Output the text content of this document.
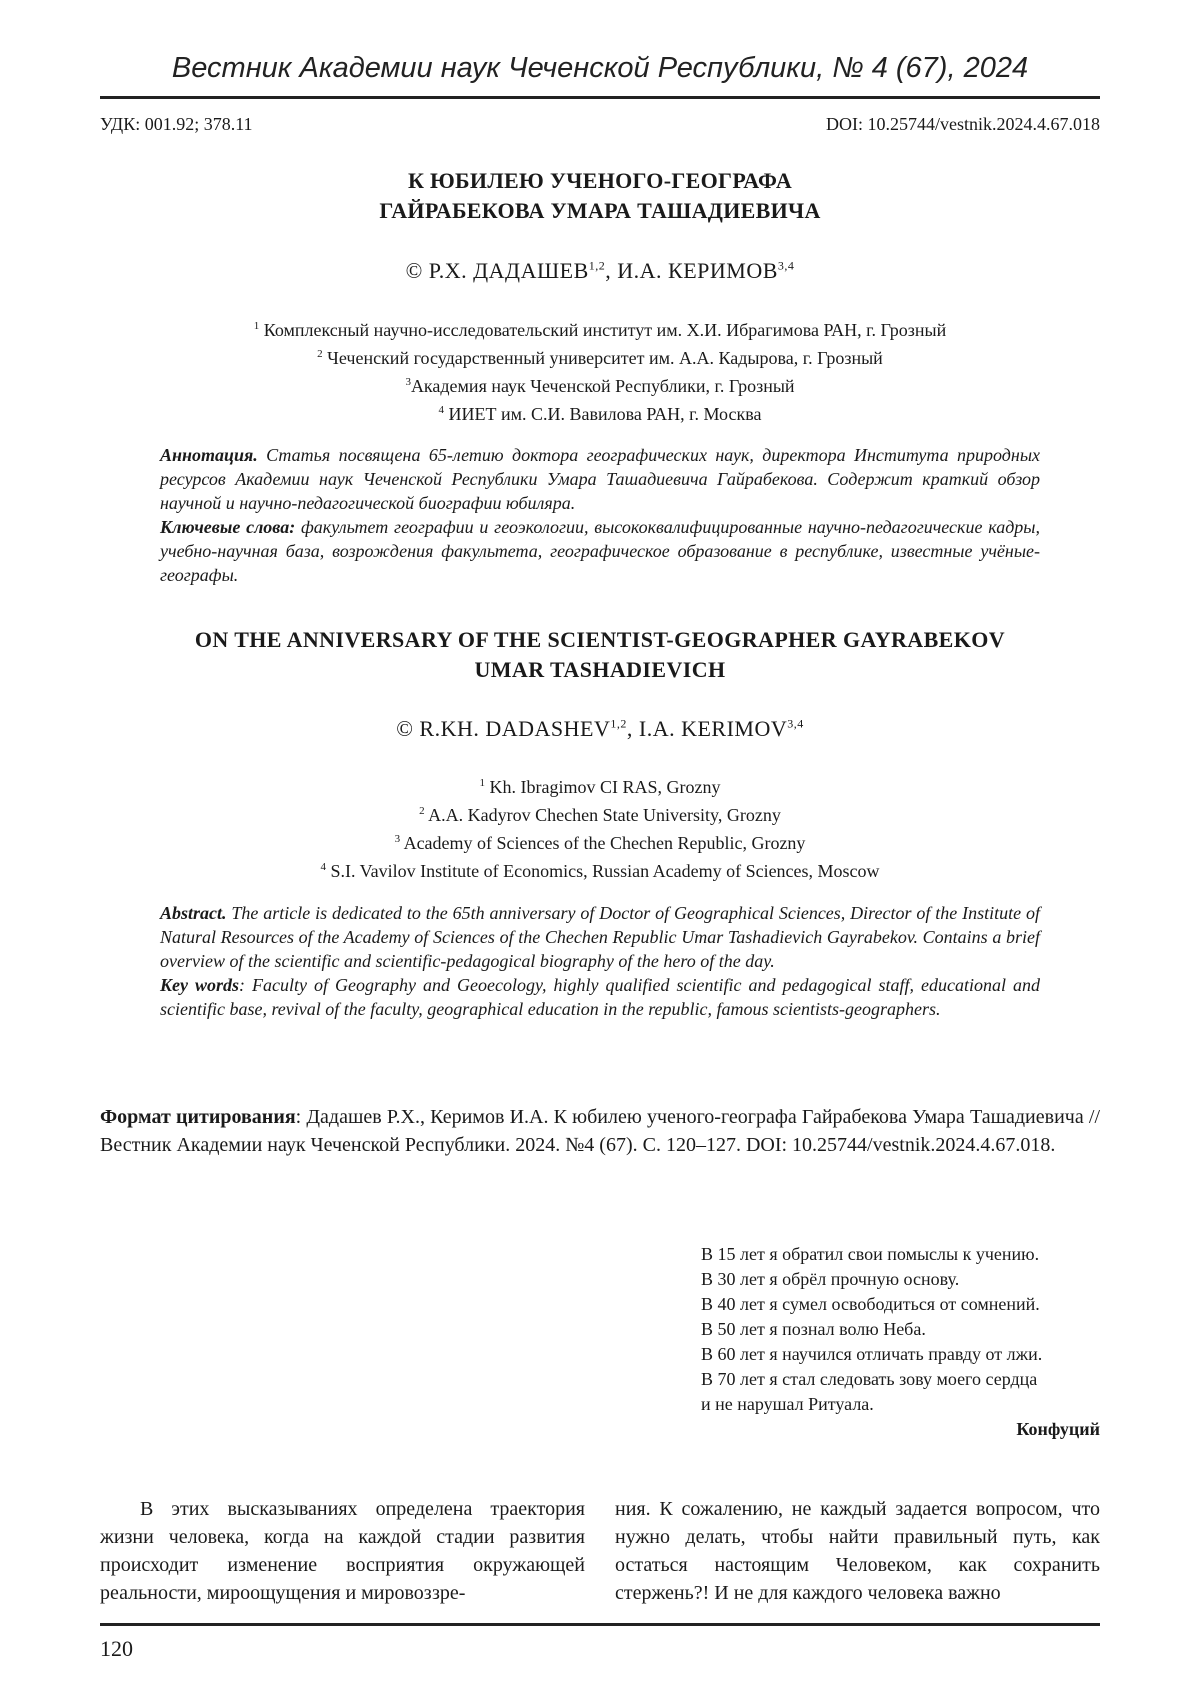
Вестник Академии наук Чеченской Республики, № 4 (67), 2024
УДК: 001.92; 378.11	DOI: 10.25744/vestnik.2024.4.67.018
К ЮБИЛЕЮ УЧЕНОГО-ГЕОГРАФА
ГАЙРАБЕКОВА УМАРА ТАШАДИЕВИЧА
© Р.Х. ДАДАШЕВ$^{1,2}$, И.А. КЕРИМОВ$^{3,4}$
$^1$ Комплексный научно-исследовательский институт им. Х.И. Ибрагимова РАН, г. Грозный
$^2$ Чеченский государственный университет им. А.А. Кадырова, г. Грозный
$^3$Академия наук Чеченской Республики, г. Грозный
$^4$ ИИЕТ им. С.И. Вавилова РАН, г. Москва

Аннотация. Статья посвящена 65-летию доктора географических наук, директора Института природных ресурсов Академии наук Чеченской Республики Умара Ташадиевича Гайрабекова. Содержит краткий обзор научной и научно-педагогической биографии юбиляра.

Ключевые слова: факультет географии и геоэкологии, высококвалифицированные научно-педагогические кадры, учебно-научная база, возрождения факультета, географическое образование в республике, известные учёные-географы.

ON THE ANNIVERSARY OF THE SCIENTIST-GEOGRAPHER GAYRABEKOV
UMAR TASHADIEVICH
© R.KH. DADASHEV$^{1,2}$, I.A. KERIMOV$^{3,4}$
$^1$ Kh. Ibragimov CI RAS, Grozny
$^2$ A.A. Kadyrov Chechen State University, Grozny
$^3$ Academy of Sciences of the Chechen Republic, Grozny
$^4$ S.I. Vavilov Institute of Economics, Russian Academy of Sciences, Moscow

Abstract. The article is dedicated to the 65th anniversary of Doctor of Geographical Sciences, Director of the Institute of Natural Resources of the Academy of Sciences of the Chechen Republic Umar Tashadievich Gayrabekov. Contains a brief overview of the scientific and scientific-pedagogical biography of the hero of the day.

Key words: Faculty of Geography and Geoecology, highly qualified scientific and pedagogical staff, educational and scientific base, revival of the faculty, geographical education in the republic, famous scientists-geographers.

Формат цитирования: Дадашев Р.Х., Керимов И.А. К юбилею ученого-географа Гайрабекова Умара Ташадиевича // Вестник Академии наук Чеченской Республики. 2024. №4 (67). С. 120–127. DOI: 10.25744/vestnik.2024.4.67.018.
В 15 лет я обратил свои помыслы к учению.
В 30 лет я обрёл прочную основу.
В 40 лет я сумел освободиться от сомнений.
В 50 лет я познал волю Неба.
В 60 лет я научился отличать правду от лжи.
В 70 лет я стал следовать зову моего сердца
и не нарушал Ритуала.
Конфуций
В этих высказываниях определена траектория жизни человека, когда на каждой стадии развития происходит изменение восприятия окружающей реальности, мироощущения и мировоззре-
ния. К сожалению, не каждый задается вопросом, что нужно делать, чтобы найти правильный путь, как остаться настоящим Человеком, как сохранить стержень?! И не для каждого человека важно
120
